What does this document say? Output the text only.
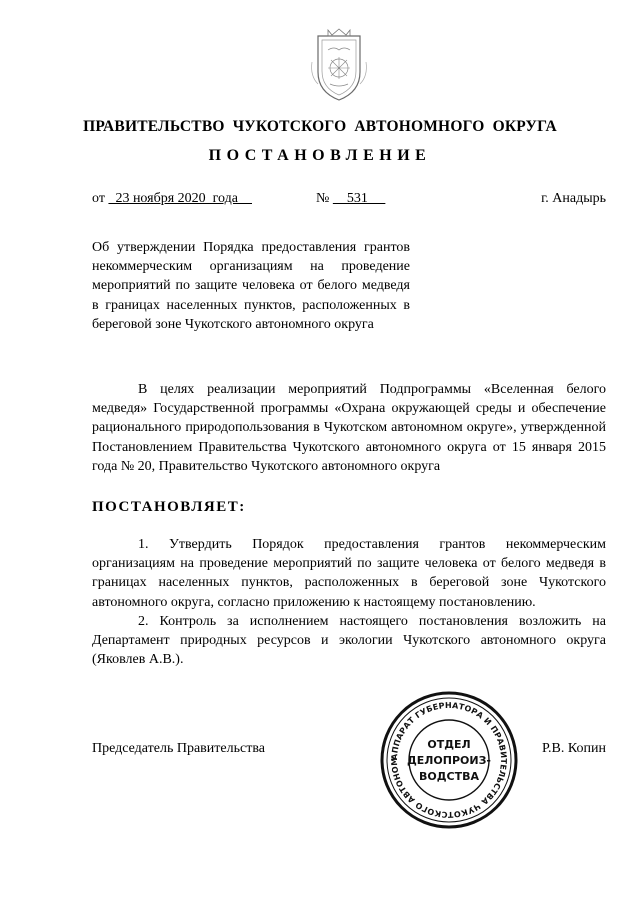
ПРАВИТЕЛЬСТВО ЧУКОТСКОГО АВТОНОМНОГО ОКРУГА
ПОСТАНОВЛЕНИЕ
от   23 ноября 2020  года	№     531	г. Анадырь
Об утверждении Порядка предоставления грантов некоммерческим организациям на проведение мероприятий по защите человека от белого медведя в границах населенных пунктов, расположенных в береговой зоне Чукотского автономного округа
В целях реализации мероприятий Подпрограммы «Вселенная белого медведя» Государственной программы «Охрана окружающей среды и обеспечение рационального природопользования в Чукотском автономном округе», утвержденной Постановлением Правительства Чукотского автономного округа от 15 января 2015 года № 20, Правительство Чукотского автономного округа
ПОСТАНОВЛЯЕТ:

1. Утвердить Порядок предоставления грантов некоммерческим организациям на проведение мероприятий по защите человека от белого медведя в границах населенных пунктов, расположенных в береговой зоне Чукотского автономного округа, согласно приложению к настоящему постановлению.

2. Контроль за исполнением настоящего постановления возложить на Департамент природных ресурсов и экологии Чукотского автономного округа (Яковлев А.В.).

Председатель Правительства	Р.В. Копин
АППАРАТ ГУБЕРНАТОРА И ПРАВИТЕЛЬСТВА ЧУКОТСКОГО АВТОНОМ
ОТДЕЛ
ДЕЛОПРОИЗ-
ВОДСТВА
